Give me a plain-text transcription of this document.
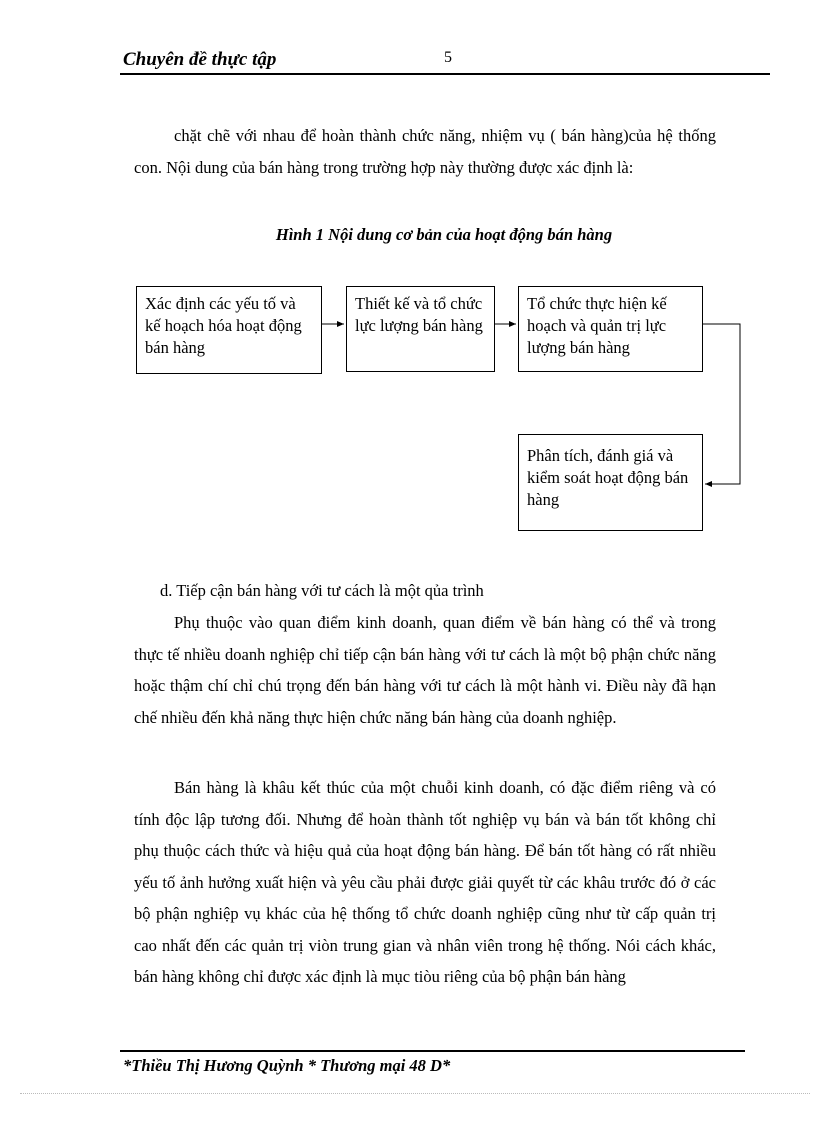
Chuyên đề thực tập	5

chặt chẽ với nhau để hoàn thành chức năng, nhiệm vụ ( bán hàng)của hệ thống con. Nội dung của bán hàng trong trường hợp này thường được xác định là:

Hình 1 Nội dung cơ bản của hoạt động bán hàng
Xác định các yếu tố và kế hoạch hóa hoạt động bán hàng
Thiết kế và tổ chức lực lượng bán hàng
Tổ chức thực hiện kế hoạch và quản trị lực lượng bán hàng
Phân tích, đánh giá và kiểm soát hoạt động bán hàng

d. Tiếp cận bán hàng với tư cách là một qủa trình

Phụ thuộc vào quan điểm kinh doanh, quan điểm về bán hàng có thể và trong thực tế nhiều doanh nghiệp chỉ tiếp cận bán hàng với tư cách là một bộ phận chức năng hoặc thậm chí chỉ chú trọng đến bán hàng với tư cách là một hành vi. Điều này đã hạn chế nhiều đến khả năng thực hiện chức năng bán hàng của doanh nghiệp.

Bán hàng là khâu kết thúc của một chuỗi kinh doanh, có đặc điểm riêng và có tính độc lập tương đối. Nhưng để hoàn thành tốt nghiệp vụ bán và bán tốt không chỉ phụ thuộc cách thức và hiệu quả của hoạt động bán hàng. Để bán tốt hàng có rất nhiều yếu tố ảnh hưởng xuất hiện và yêu cầu phải được giải quyết từ các khâu trước đó ở các bộ phận nghiệp vụ khác của hệ thống tổ chức doanh nghiệp cũng như từ cấp quản trị cao nhất đến các quản trị viòn trung gian và nhân viên trong hệ thống. Nói cách khác, bán hàng không chỉ được xác định là mục tiòu riêng của bộ phận bán hàng

*Thiều Thị Hương Quỳnh * Thương mại 48 D*
